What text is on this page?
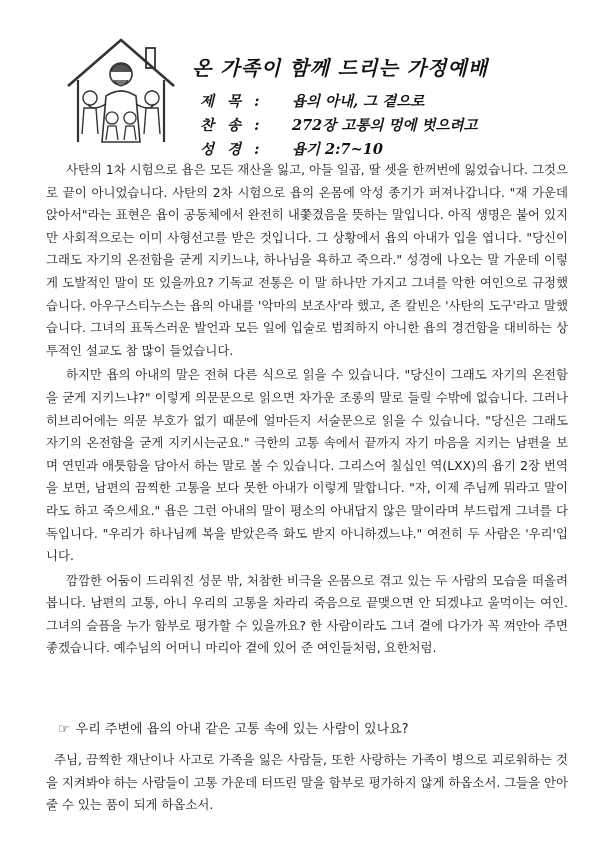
온 가족이 함께 드리는 가정예배
제 목 : 욥의 아내, 그 곁으로
찬 송 : 272장 고통의 멍에 벗으려고
성 경 : 욥기 2:7~10

사탄의 1차 시험으로 욥은 모든 재산을 잃고, 아들 일곱, 딸 셋을 한꺼번에 잃었습니다. 그것으로 끝이 아니었습니다. 사탄의 2차 시험으로 욥의 온몸에 악성 종기가 퍼져나갑니다. "재 가운데 앉아서"라는 표현은 욥이 공동체에서 완전히 내쫓겼음을 뜻하는 말입니다. 아직 생명은 붙어 있지만 사회적으로는 이미 사형선고를 받은 것입니다. 그 상황에서 욥의 아내가 입을 엽니다. "당신이 그래도 자기의 온전함을 굳게 지키느냐, 하나님을 욕하고 죽으라." 성경에 나오는 말 가운데 이렇게 도발적인 말이 또 있을까요? 기독교 전통은 이 말 하나만 가지고 그녀를 악한 여인으로 규정했습니다. 아우구스티누스는 욥의 아내를 '악마의 보조사'라 했고, 존 칼빈은 '사탄의 도구'라고 말했습니다. 그녀의 표독스러운 발언과 모든 일에 입술로 범죄하지 아니한 욥의 경건함을 대비하는 상투적인 설교도 참 많이 들었습니다.

하지만 욥의 아내의 말은 전혀 다른 식으로 읽을 수 있습니다. "당신이 그래도 자기의 온전함을 굳게 지키느냐?" 이렇게 의문문으로 읽으면 차가운 조롱의 말로 들릴 수밖에 없습니다. 그러나 히브리어에는 의문 부호가 없기 때문에 얼마든지 서술문으로 읽을 수 있습니다. "당신은 그래도 자기의 온전함을 굳게 지키시는군요." 극한의 고통 속에서 끝까지 자기 마음을 지키는 남편을 보며 연민과 애틋함을 담아서 하는 말로 볼 수 있습니다. 그리스어 칠십인 역(LXX)의 욥기 2장 번역을 보면, 남편의 끔찍한 고통을 보다 못한 아내가 이렇게 말합니다. "자, 이제 주님께 뭐라고 말이라도 하고 죽으세요." 욥은 그런 아내의 말이 평소의 아내답지 않은 말이라며 부드럽게 그녀를 다독입니다. "우리가 하나님께 복을 받았은즉 화도 받지 아니하겠느냐." 여전히 두 사람은 '우리'입니다.

깜깜한 어둠이 드리워진 성문 밖, 처참한 비극을 온몸으로 겪고 있는 두 사람의 모습을 떠올려 봅니다. 남편의 고통, 아니 우리의 고통을 차라리 죽음으로 끝맺으면 안 되겠냐고 울먹이는 여인. 그녀의 슬픔을 누가 함부로 평가할 수 있을까요? 한 사람이라도 그녀 곁에 다가가 꼭 껴안아 주면 좋겠습니다. 예수님의 어머니 마리아 곁에 있어 준 여인들처럼, 요한처럼.

☞ 우리 주변에 욥의 아내 같은 고통 속에 있는 사람이 있나요?
주님, 끔찍한 재난이나 사고로 가족을 잃은 사람들, 또한 사랑하는 가족이 병으로 괴로워하는 것을 지켜봐야 하는 사람들이 고통 가운데 터뜨린 말을 함부로 평가하지 않게 하옵소서. 그들을 안아줄 수 있는 품이 되게 하옵소서.
